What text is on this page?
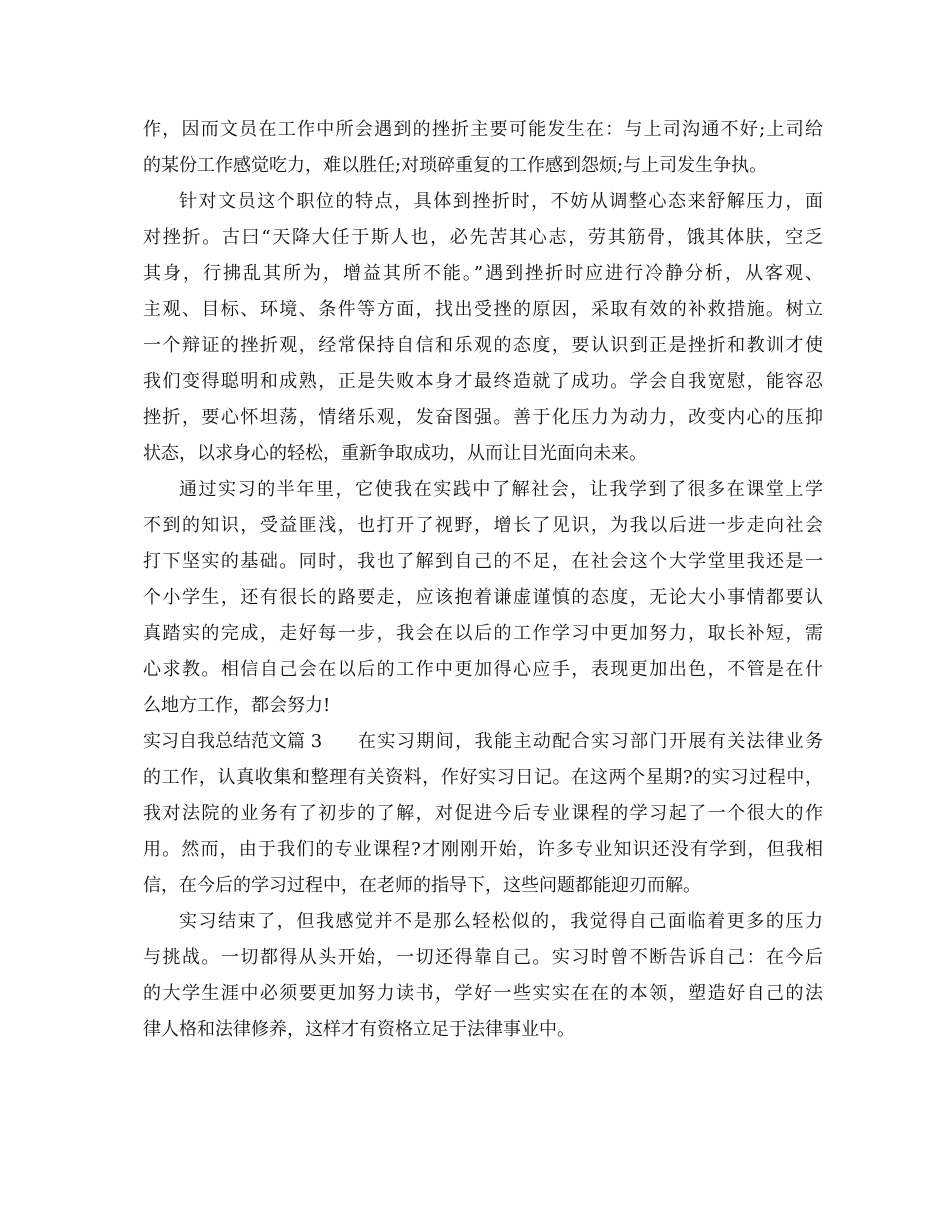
作，因而文员在工作中所会遇到的挫折主要可能发生在：与上司沟通不好;上司给
的某份工作感觉吃力，难以胜任;对琐碎重复的工作感到怨烦;与上司发生争执。
针对文员这个职位的特点，具体到挫折时，不妨从调整心态来舒解压力，面
对挫折。古曰“天降大任于斯人也，必先苦其心志，劳其筋骨，饿其体肤，空乏
其身，行拂乱其所为，增益其所不能。”遇到挫折时应进行冷静分析，从客观、
主观、目标、环境、条件等方面，找出受挫的原因，采取有效的补救措施。树立
一个辩证的挫折观，经常保持自信和乐观的态度，要认识到正是挫折和教训才使
我们变得聪明和成熟，正是失败本身才最终造就了成功。学会自我宽慰，能容忍
挫折，要心怀坦荡，情绪乐观，发奋图强。善于化压力为动力，改变内心的压抑
状态，以求身心的轻松，重新争取成功，从而让目光面向未来。
通过实习的半年里，它使我在实践中了解社会，让我学到了很多在课堂上学
不到的知识，受益匪浅，也打开了视野，增长了见识，为我以后进一步走向社会
打下坚实的基础。同时，我也了解到自己的不足，在社会这个大学堂里我还是一
个小学生，还有很长的路要走，应该抱着谦虚谨慎的态度，无论大小事情都要认
真踏实的完成，走好每一步，我会在以后的工作学习中更加努力，取长补短，需
心求教。相信自己会在以后的工作中更加得心应手，表现更加出色，不管是在什
么地方工作，都会努力!
实习自我总结范文篇 3	在实习期间，我能主动配合实习部门开展有关法律业务
的工作，认真收集和整理有关资料，作好实习日记。在这两个星期?的实习过程中，
我对法院的业务有了初步的了解，对促进今后专业课程的学习起了一个很大的作
用。然而，由于我们的专业课程?才刚刚开始，许多专业知识还没有学到，但我相
信，在今后的学习过程中，在老师的指导下，这些问题都能迎刃而解。
实习结束了，但我感觉并不是那么轻松似的，我觉得自己面临着更多的压力
与挑战。一切都得从头开始，一切还得靠自己。实习时曾不断告诉自己：在今后
的大学生涯中必须要更加努力读书，学好一些实实在在的本领，塑造好自己的法
律人格和法律修养，这样才有资格立足于法律事业中。
